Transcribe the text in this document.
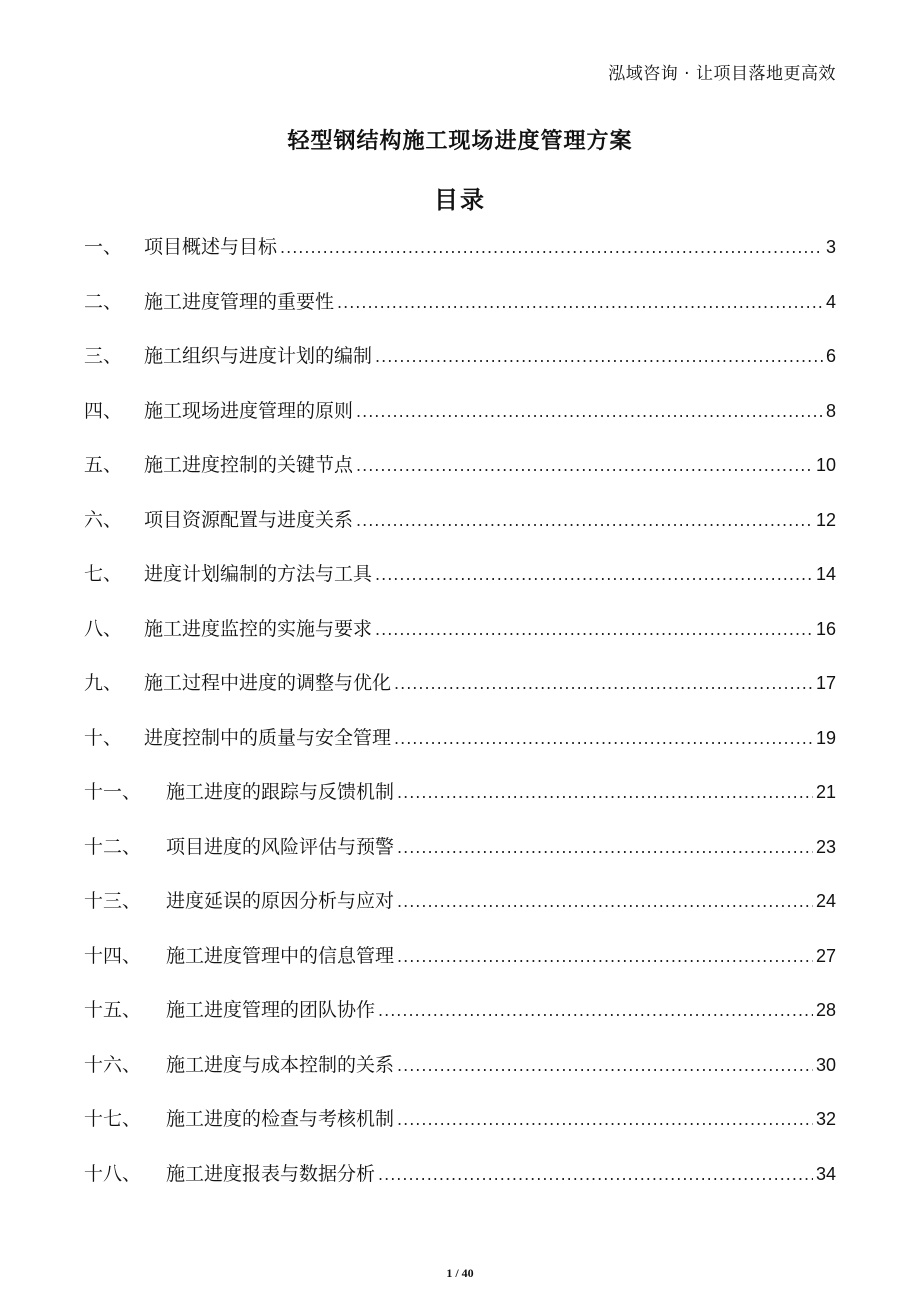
泓域咨询 · 让项目落地更高效
轻型钢结构施工现场进度管理方案
目录
一、	项目概述与目标 .....	3
二、	施工进度管理的重要性 .....	4
三、	施工组织与进度计划的编制 .....	6
四、	施工现场进度管理的原则 .....	8
五、	施工进度控制的关键节点 .....	10
六、	项目资源配置与进度关系 .....	12
七、	进度计划编制的方法与工具 .....	14
八、	施工进度监控的实施与要求 .....	16
九、	施工过程中进度的调整与优化 .....	17
十、	进度控制中的质量与安全管理 .....	19
十一、	施工进度的跟踪与反馈机制 .....	21
十二、	项目进度的风险评估与预警 .....	23
十三、	进度延误的原因分析与应对 .....	24
十四、	施工进度管理中的信息管理 .....	27
十五、	施工进度管理的团队协作 .....	28
十六、	施工进度与成本控制的关系 .....	30
十七、	施工进度的检查与考核机制 .....	32
十八、	施工进度报表与数据分析 .....	34
1 / 40
